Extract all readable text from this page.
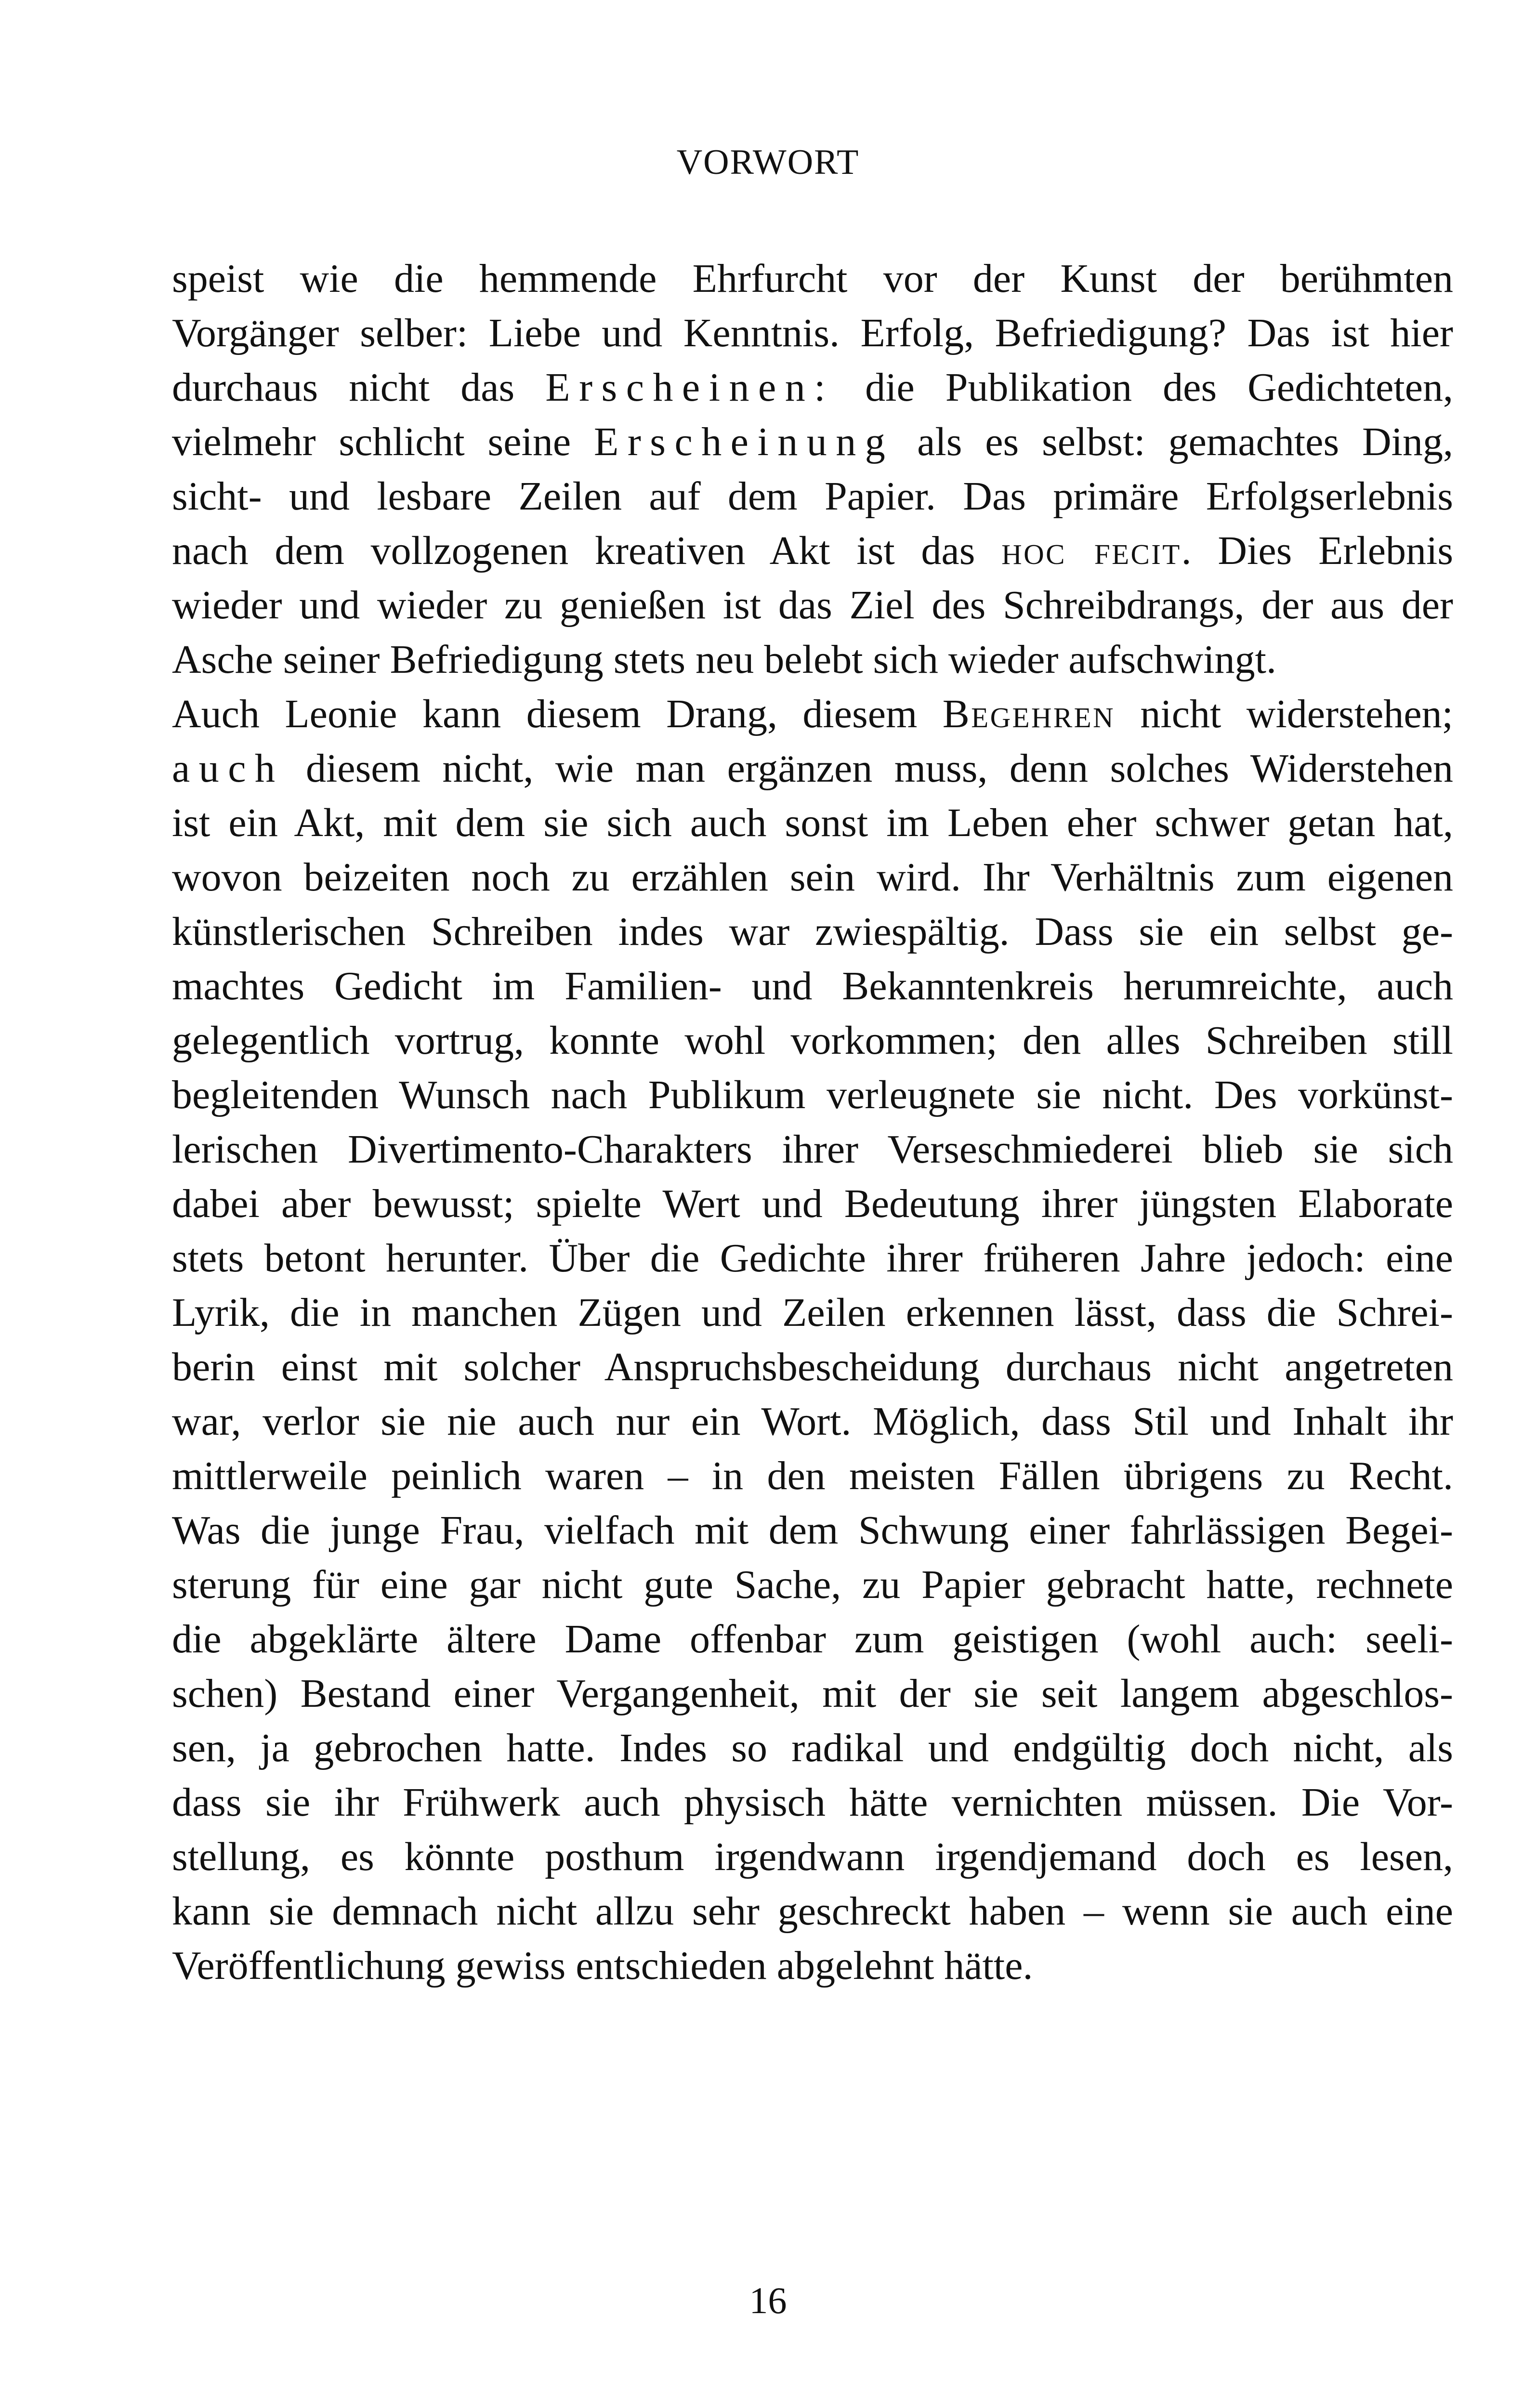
VORWORT
speist wie die hemmende Ehrfurcht vor der Kunst der berühmten
Vorgänger selber: Liebe und Kenntnis. Erfolg, Befriedigung? Das ist hier
durchaus nicht das Erscheinen: die Publikation des Gedichteten,
vielmehr schlicht seine Erscheinung als es selbst: gemachtes Ding,
sicht- und lesbare Zeilen auf dem Papier. Das primäre Erfolgserlebnis
nach dem vollzogenen kreativen Akt ist das hoc fecit. Dies Erlebnis
wieder und wieder zu genießen ist das Ziel des Schreibdrangs, der aus der
Asche seiner Befriedigung stets neu belebt sich wieder aufschwingt.
Auch Leonie kann diesem Drang, diesem Begehren nicht widerstehen;
auch diesem nicht, wie man ergänzen muss, denn solches Widerstehen
ist ein Akt, mit dem sie sich auch sonst im Leben eher schwer getan hat,
wovon beizeiten noch zu erzählen sein wird. Ihr Verhältnis zum eigenen
künstlerischen Schreiben indes war zwiespältig. Dass sie ein selbst ge-
machtes Gedicht im Familien- und Bekanntenkreis herumreichte, auch
gelegentlich vortrug, konnte wohl vorkommen; den alles Schreiben still
begleitenden Wunsch nach Publikum verleugnete sie nicht. Des vorkünst-
lerischen Divertimento-Charakters ihrer Verseschmiederei blieb sie sich
dabei aber bewusst; spielte Wert und Bedeutung ihrer jüngsten Elaborate
stets betont herunter. Über die Gedichte ihrer früheren Jahre jedoch: eine
Lyrik, die in manchen Zügen und Zeilen erkennen lässt, dass die Schrei-
berin einst mit solcher Anspruchsbescheidung durchaus nicht angetreten
war, verlor sie nie auch nur ein Wort. Möglich, dass Stil und Inhalt ihr
mittlerweile peinlich waren – in den meisten Fällen übrigens zu Recht.
Was die junge Frau, vielfach mit dem Schwung einer fahrlässigen Begei-
sterung für eine gar nicht gute Sache, zu Papier gebracht hatte, rechnete
die abgeklärte ältere Dame offenbar zum geistigen (wohl auch: seeli-
schen) Bestand einer Vergangenheit, mit der sie seit langem abgeschlos-
sen, ja gebrochen hatte. Indes so radikal und endgültig doch nicht, als
dass sie ihr Frühwerk auch physisch hätte vernichten müssen. Die Vor-
stellung, es könnte posthum irgendwann irgendjemand doch es lesen,
kann sie demnach nicht allzu sehr geschreckt haben – wenn sie auch eine
Veröffentlichung gewiss entschieden abgelehnt hätte.
16
